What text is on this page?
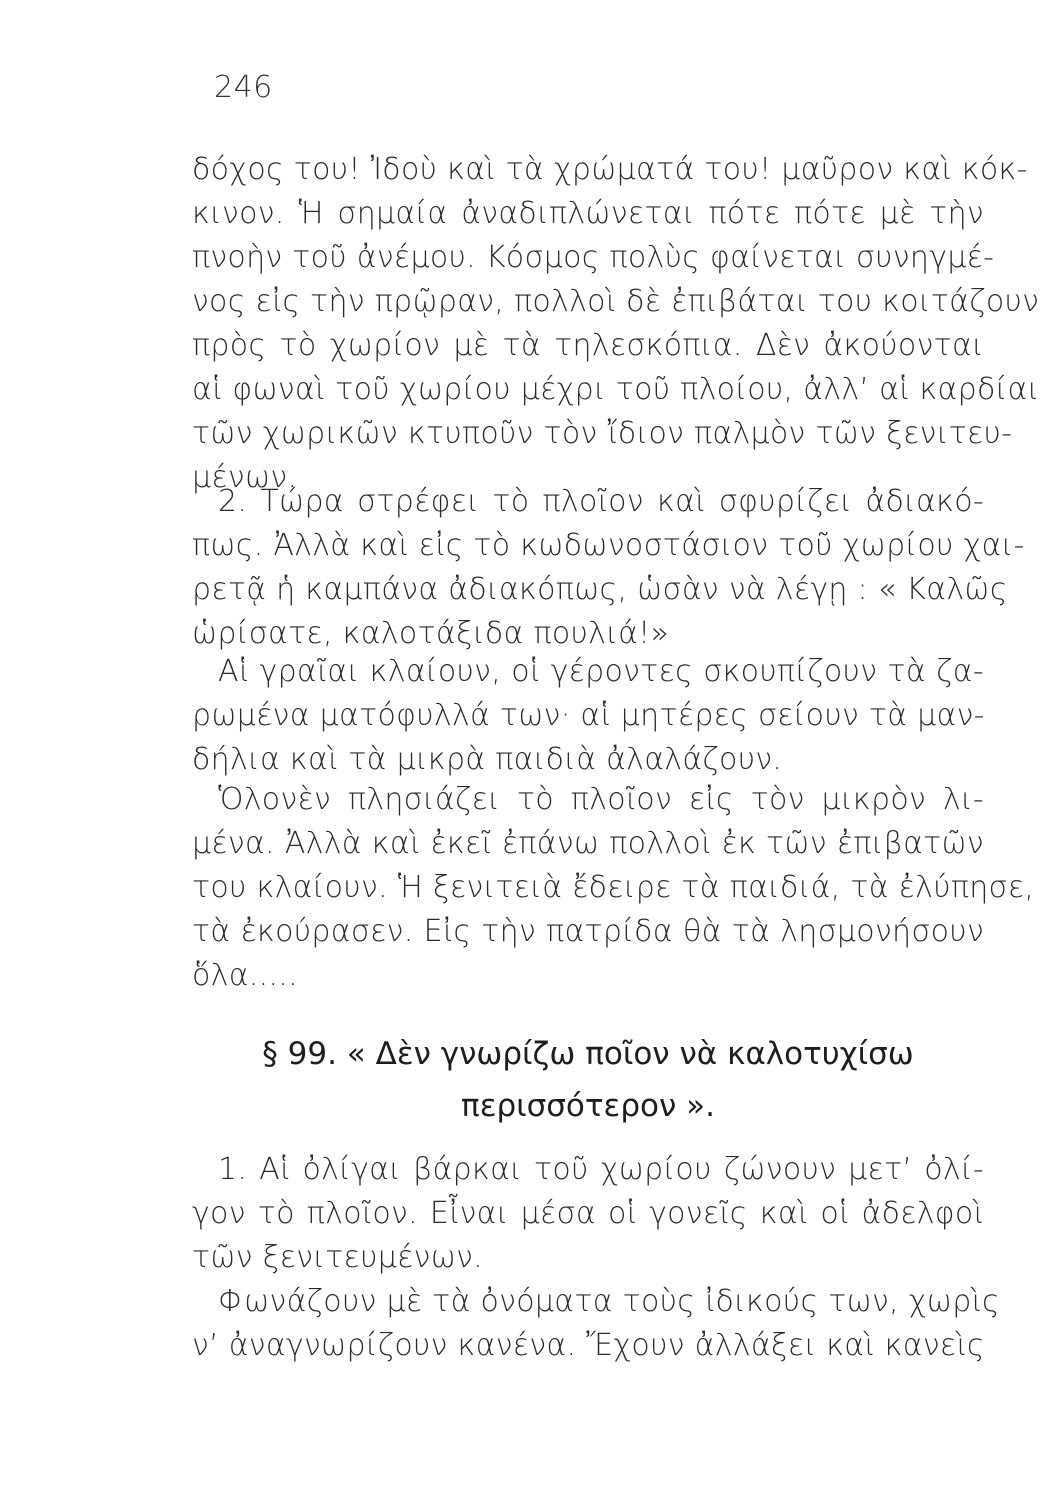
246
δόχος του! Ἰδοὺ καὶ τὰ χρώματά του! μαῦρον καὶ κόκ-
κινον. Ἡ σημαία ἀναδιπλώνεται πότε πότε μὲ τὴν
πνοὴν τοῦ ἀνέμου. Κόσμος πολὺς φαίνεται συνηγμέ-
νος εἰς τὴν πρῷραν, πολλοὶ δὲ ἐπιβάται του κοιτάζουν
πρὸς τὸ χωρίον μὲ τὰ τηλεσκόπια. Δὲν ἀκούονται
αἱ φωναὶ τοῦ χωρίου μέχρι τοῦ πλοίου, ἀλλ’ αἱ καρδίαι
τῶν χωρικῶν κτυποῦν τὸν ἴδιον παλμὸν τῶν ξενιτευ-
μένων.
2. Τώρα στρέφει τὸ πλοῖον καὶ σφυρίζει ἀδιακό-
πως. Ἀλλὰ καὶ εἰς τὸ κωδωνοστάσιον τοῦ χωρίου χαι-
ρετᾷ ἡ καμπάνα ἀδιακόπως, ὡσὰν νὰ λέγῃ : « Καλῶς
ὡρίσατε, καλοτάξιδα πουλιά!»
Αἱ γραῖαι κλαίουν, οἱ γέροντες σκουπίζουν τὰ ζα-
ρωμένα ματόφυλλά των· αἱ μητέρες σείουν τὰ μαν-
δήλια καὶ τὰ μικρὰ παιδιὰ ἀλαλάζουν.
Ὁλονὲν πλησιάζει τὸ πλοῖον εἰς τὸν μικρὸν λι-
μένα. Ἀλλὰ καὶ ἐκεῖ ἐπάνω πολλοὶ ἐκ τῶν ἐπιβατῶν
του κλαίουν. Ἡ ξενιτειὰ ἔδειρε τὰ παιδιά, τὰ ἐλύπησε,
τὰ ἐκούρασεν. Εἰς τὴν πατρίδα θὰ τὰ λησμονήσουν
ὅλα.....
§ 99. « Δὲν γνωρίζω ποῖον νὰ καλοτυχίσω
περισσότερον ».
1. Αἱ ὀλίγαι βάρκαι τοῦ χωρίου ζώνουν μετ’ ὀλί-
γον τὸ πλοῖον. Εἶναι μέσα οἱ γονεῖς καὶ οἱ ἀδελφοὶ
τῶν ξενιτευμένων.
Φωνάζουν μὲ τὰ ὀνόματα τοὺς ἰδικούς των, χωρὶς
ν’ ἀναγνωρίζουν κανένα. Ἔχουν ἀλλάξει καὶ κανεὶς
